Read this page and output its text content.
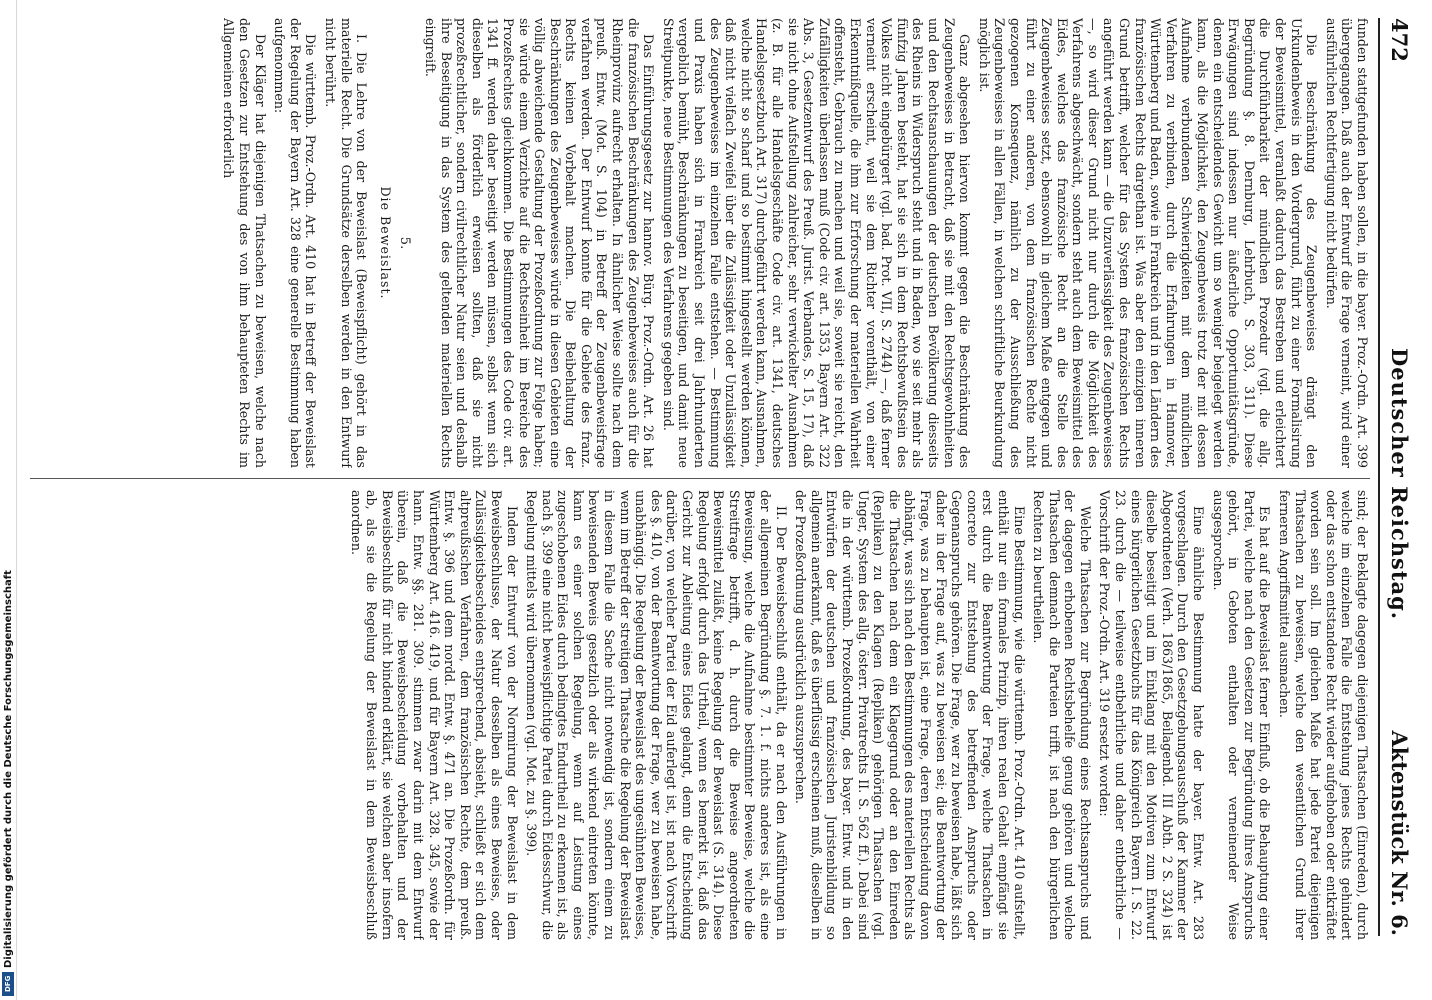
Digitalisierung gefördert durch die Deutsche Forschungsgemeinschaft
DFG
472
Deutscher Reichstag.
Aktenstück Nr. 6.

funden stattgefunden haben sollen, in die bayer. Proz.-Ordn. Art. 399 übergegangen. Daß auch der Entwurf die Frage verneint, wird einer ausführlichen Rechtfertigung nicht bedürfen.

Die Beschränkung des Zeugenbeweises drängt den Urkundenbeweis in den Vordergrund, führt zu einer Formalisirung der Beweismittel, veranlaßt dadurch das Bestreben und erleichtert die Durchführbarkeit der mündlichen Prozedur (vgl. die allg. Begründung §. 8. Dernburg, Lehrbuch, S. 303, 311). Diese Erwägungen sind indessen nur äußerliche Opportunitätsgründe, denen ein entscheidendes Gewicht um so weniger beigelegt werden kann, als die Möglichkeit, den Zeugenbeweis trotz der mit dessen Aufnahme verbundenen Schwierigkeiten mit dem mündlichen Verfahren zu verbinden, durch die Erfahrungen in Hannover, Württemberg und Baden, sowie in Frankreich und in den Ländern des französischen Rechts dargethan ist. Was aber den einzigen inneren Grund betrifft, welcher für das System des französischen Rechts angeführt werden kann — die Unzuverlässigkeit des Zeugenbeweises —, so wird dieser Grund nicht nur durch die Möglichkeit des Verfahrens abgeschwächt, sondern steht auch dem Beweismittel des Eides, welches das französische Recht an die Stelle des Zeugenbeweises setzt, ebensowohl in gleichem Maße entgegen und führt zu einer anderen, von dem französischen Rechte nicht gezogenen Konsequenz, nämlich zu der Ausschließung des Zeugenbeweises in allen Fällen, in welchen schriftliche Beurkundung möglich ist.

Ganz abgesehen hiervon kommt gegen die Beschränkung des Zeugenbeweises in Betracht, daß sie mit den Rechtsgewohnheiten und den Rechtsanschauungen der deutschen Bevölkerung diesseits des Rheins in Widerspruch steht und in Baden, wo sie seit mehr als fünfzig Jahren besteht, hat sie sich in dem Rechtsbewußtsein des Volkes nicht eingebürgert (vgl. bad. Prot. VII, S. 2744) —, daß ferner verneint erscheint, weil sie dem Richter vorenthält, von einer Erkenntnißquelle, die ihm zur Erforschung der materiellen Wahrheit offensteht, Gebrauch zu machen und weil sie, soweit sie reicht, den Zufälligkeiten überlassen muß (Code civ. art. 1353, Bayern Art. 322 Abs. 3, Gesetzentwurf des Preuß. Jurist. Verbandes, S. 15, 17), daß sie nicht ohne Aufstellung zahlreicher, sehr verwickelter Ausnahmen (z. B. für alle Handelsgeschäfte Code civ. art. 1341, deutsches Handelsgesetzbuch Art. 317) durchgeführt werden kann, Ausnahmen, welche nicht so scharf und so bestimmt hingestellt werden können, daß nicht vielfach Zweifel über die Zulässigkeit oder Unzulässigkeit des Zeugenbeweises im einzelnen Falle entstehen. — Bestimmung und Praxis haben sich in Frankreich seit drei Jahrhunderten vergeblich bemüht, Beschränkungen zu beseitigen, und damit neue Streitpunkte, neue Bestimmungen des Verfahrens gegeben sind.

Das Einführungsgesetz zur hannov. Bürg. Proz.-Ordn. Art. 26 hat die französischen Beschränkungen des Zeugenbeweises auch für die Rheinprovinz aufrecht erhalten. In ähnlicher Weise sollte nach dem preuß. Entw. (Mot. S. 104) in Betreff der Zeugenbeweisfrage verfahren werden. Der Entwurf konnte für die Gebiete des franz. Rechts keinen Vorbehalt machen. Die Beibehaltung der Beschränkungen des Zeugenbeweises würde in diesen Gebieten eine völlig abweichende Gestaltung der Prozeßordnung zur Folge haben; sie würde einem Verzichte auf die Rechtseinheit im Bereiche des Prozeßrechtes gleichkommen. Die Bestimmungen des Code civ. art. 1341 ff. werden daher beseitigt werden müssen, selbst wenn sich dieselben als förderlich erweisen sollten, daß sie nicht prozeßrechtlicher, sondern civilrechtlicher Natur seien und deshalb ihre Beseitigung in das System des geltenden materiellen Rechts eingreift.

5.

Die Beweislast.

I. Die Lehre von der Beweislast (Beweispflicht) gehört in das materielle Recht. Die Grundsätze derselben werden in den Entwurf nicht berührt.

Die württemb. Proz.-Ordn. Art. 410 hat in Betreff der Beweislast der Regelung der Bayern Art. 328 eine generelle Bestimmung haben aufgenommen:

Der Kläger hat diejenigen Thatsachen zu beweisen, welche nach den Gesetzen zur Entstehung des von ihm behaupteten Rechts im Allgemeinen erforderlich

sind; der Beklagte dagegen diejenigen Thatsachen (Einreden), durch welche im einzelnen Falle die Entstehung jenes Rechts gehindert oder das schon entstandene Recht wieder aufgehoben oder entkräftet worden sein soll. Im gleichen Maße hat jede Partei diejenigen Thatsachen zu beweisen, welche den wesentlichen Grund ihrer ferneren Angriffsmittel ausmachen.

Es hat auf die Beweislast ferner Einfluß, ob die Behauptung einer Partei, welche nach den Gesetzen zur Begründung ihres Anspruchs gehört, in Geboten enthalten oder verneinender Weise ausgesprochen.

Eine ähnliche Bestimmung hatte der bayer. Entw. Art. 283 vorgeschlagen. Durch den Gesetzgebungsausschuß der Kammer der Abgeordneten (Verh. 1863/1865, Beilagenbd. III Abth. 2 S. 324) ist dieselbe beseitigt und im Einklang mit den Motiven zum Entwurf eines bürgerlichen Gesetzbuchs für das Königreich Bayern I. S. 22. 23. durch die — teilweise entbehrliche und daher entbehrliche — Vorschrift der Proz.-Ordn. Art. 319 ersetzt worden:

Welche Thatsachen zur Begründung eines Rechtsanspruchs und der dagegen erhobenen Rechtsbehelfe genug gehören und welche Thatsachen demnach die Parteien trifft, ist nach den bürgerlichen Rechten zu beurtheilen.

Eine Bestimmung, wie die württemb. Proz.-Ordn. Art. 410 aufstellt, enthält nur ein formales Prinzip, ihren realen Gehalt empfängt sie erst durch die Beantwortung der Frage, welche Thatsachen in concreto zur Entstehung des betreffenden Anspruchs oder Gegenanspruchs gehören. Die Frage, wer zu beweisen habe, läßt sich daher in der Frage auf, was zu beweisen sei; die Beantwortung der Frage, was zu behaupten ist, eine Frage, deren Entscheidung davon abhängt, was sich nach den Bestimmungen des materiellen Rechts als die Thatsachen nach dem ein Klagegrund oder an den Einreden (Repliken) zu den Klagen (Repliken) gehörigen Thatsachen (vgl. Unger, System des allg. österr. Privatrechts II. S. 562 ff.). Dabei sind die in der württemb. Prozeßordnung, des bayer. Entw. und in den Entwürfen der deutschen und französischen Juristenbildung so allgemein anerkannt, daß es überflüssig erscheinen muß, dieselben in der Prozeßordnung ausdrücklich auszusprechen.

II. Der Beweisbeschluß enthält, da er nach den Ausführungen in der allgemeinen Begründung §. 7. 1. f. nichts anderes ist, als eine Beweisung, welche die Aufnahme bestimmter Beweise, welche die Streitfrage betrifft, d. h. durch die Beweise angeordneten Beweismittel zuläßt, keine Regelung der Beweislast (S. 314). Diese Regelung erfolgt durch das Urtheil, wenn es bemerkt ist, daß das Gericht zur Ableitung eines Eides gelangt, denn die Entscheidung darüber, von welcher Partei der Eid auferlegt ist, ist nach Vorschrift des §. 410, von der Beantwortung der Frage, wer zu beweisen habe, unabhängig. Die Regelung der Beweislast des ungesühnten Beweises, wenn im Betreff der streitigen Thatsache die Regelung der Beweislast in diesem Falle die Sache nicht notwendig ist, sondern einem zu beweisenden Beweis gesetzlich oder als wirkend eintreten könnte, kann es einer solchen Regelung, wenn auf Leistung eines zugeschobenen Eides durch bedingtes Endurtheil zu erkennen ist, als nach §. 399 eine nicht beweispflichtige Partei durch Eidesschwur, die Regelung mittels wird übernommen (vgl. Mot. zu §. 399).

Indem der Entwurf von der Normirung der Beweislast in dem Beweisbeschlusse, der Natur desselben als eines Beweises, oder Zulässigkeitsbescheides entsprechend, absieht, schließt er sich dem altpreußischen Verfahren, dem französischen Rechte, dem preuß. Entw. §. 396 und dem nordd. Entw. §. 471 an. Die Prozeßordn. für Württemberg Art. 416. 419, und für Bayern Art. 328. 345, sowie der hann. Entw. §§. 281. 309. stimmen zwar darin mit dem Entwurf überein, daß die Beweisbescheidung vorbehalten und der Beweisbeschluß für nicht bindend erklärt, sie welchen aber insofern ab, als sie die Regelung der Beweislast in dem Beweisbeschluß anordnen.
